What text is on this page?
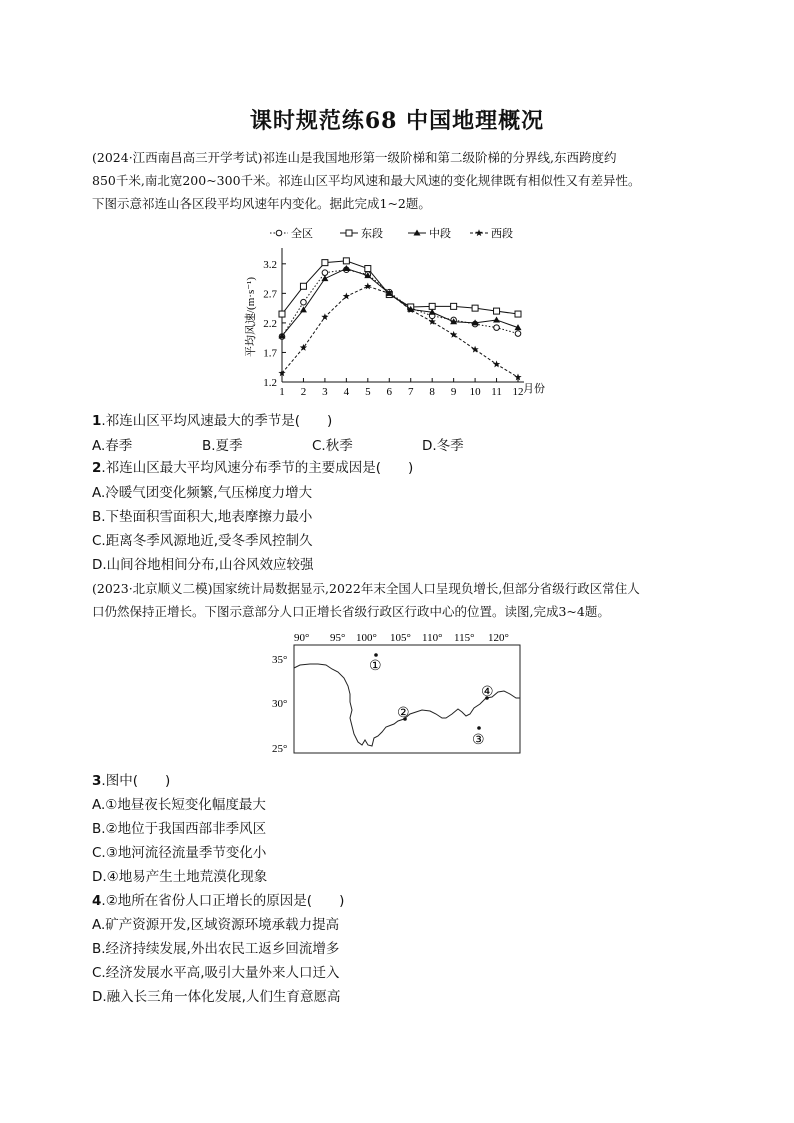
课时规范练68 中国地理概况
(2024·江西南昌高三开学考试)祁连山是我国地形第一级阶梯和第二级阶梯的分界线,东西跨度约
850千米,南北宽200~300千米。祁连山区平均风速和最大风速的变化规律既有相似性又有差异性。
下图示意祁连山各区段平均风速年内变化。据此完成1~2题。
1.2
1.7
2.2
2.7
3.2
1 2 3 4 5 6 7 8 9 10 11 12
全区	东段	中段	西段
平均风速/(m·s⁻¹)
月份
1.祁连山区平均风速最大的季节是(　　)
A.春季	B.夏季	C.秋季	D.冬季
2.祁连山区最大平均风速分布季节的主要成因是(　　)
A.冷暖气团变化频繁,气压梯度力增大
B.下垫面积雪面积大,地表摩擦力最小
C.距离冬季风源地近,受冬季风控制久
D.山间谷地相间分布,山谷风效应较强
(2023·北京顺义二模)国家统计局数据显示,2022年末全国人口呈现负增长,但部分省级行政区常住人
口仍然保持正增长。下图示意部分人口正增长省级行政区行政中心的位置。读图,完成3~4题。
90° 95° 100° 105° 110° 115° 120°
35°
30°
25°
①
②
③
④
3.图中(　　)
A.①地昼夜长短变化幅度最大
B.②地位于我国西部非季风区
C.③地河流径流量季节变化小
D.④地易产生土地荒漠化现象
4.②地所在省份人口正增长的原因是(　　)
A.矿产资源开发,区域资源环境承载力提高
B.经济持续发展,外出农民工返乡回流增多
C.经济发展水平高,吸引大量外来人口迁入
D.融入长三角一体化发展,人们生育意愿高
